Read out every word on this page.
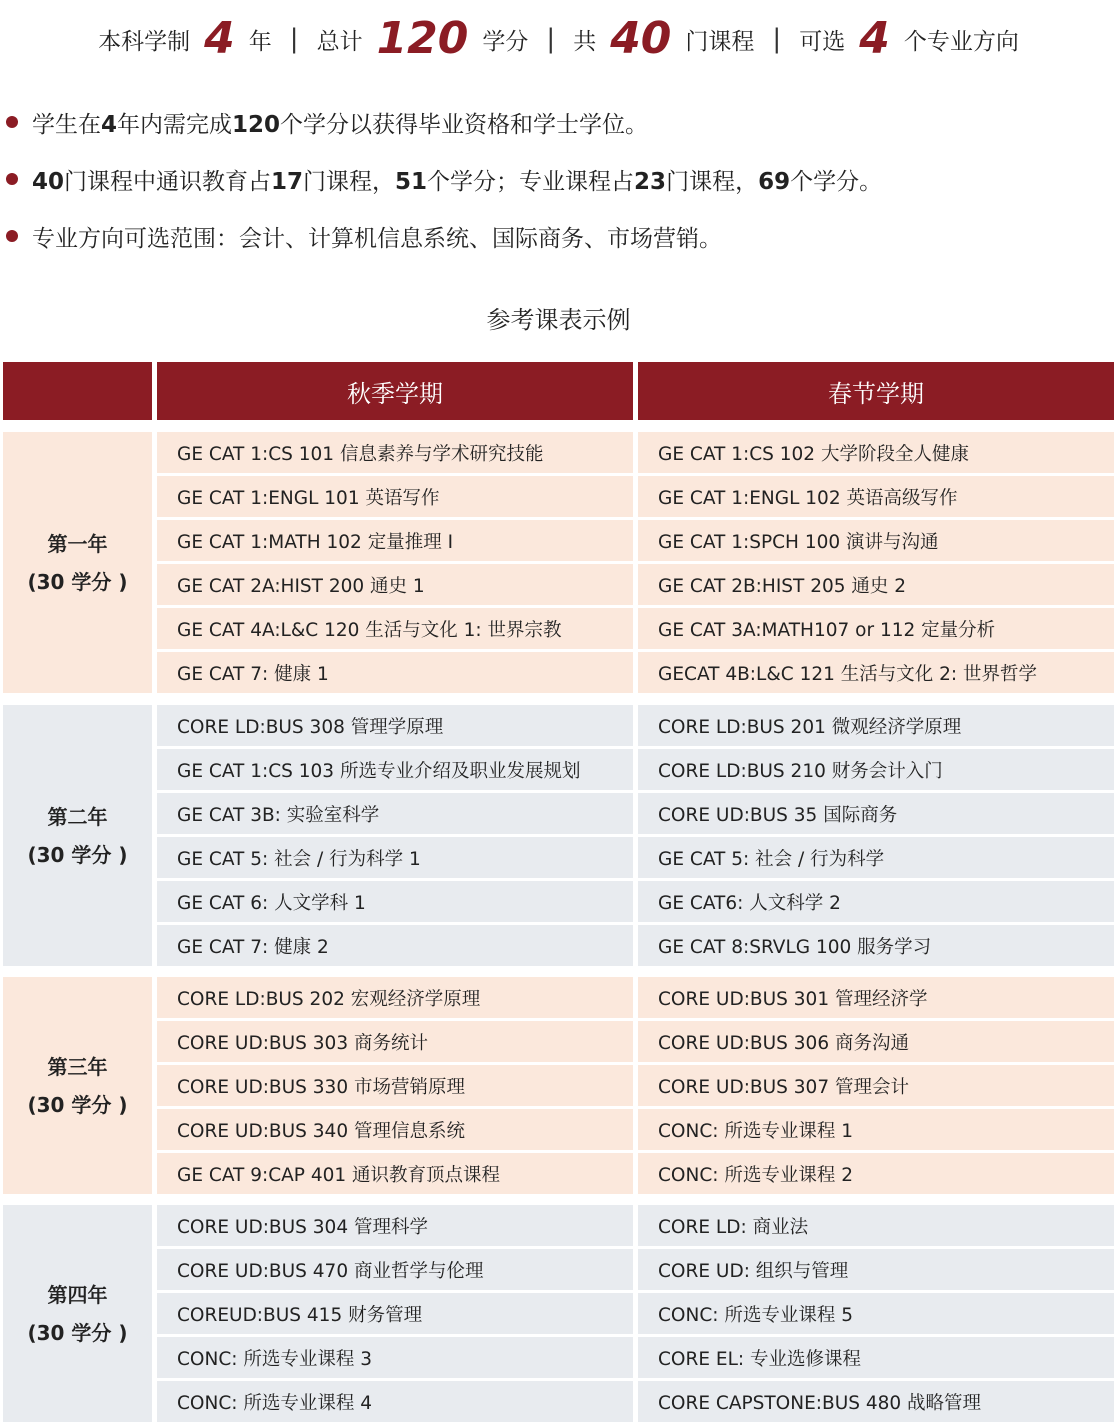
本科学制 4 年 | 总计 120 学分 | 共 40 门课程 | 可选 4 个专业方向
学生在4年内需完成120个学分以获得毕业资格和学士学位。
40门课程中通识教育占17门课程，51个学分；专业课程占23门课程，69个学分。
专业方向可选范围：会计、计算机信息系统、国际商务、市场营销。
参考课表示例
秋季学期	春节学期
第一年
(30 学分 )
GE CAT 1:CS 101 信息素养与学术研究技能
GE CAT 1:ENGL 101 英语写作
GE CAT 1:MATH 102 定量推理 I
GE CAT 2A:HIST 200 通史 1
GE CAT 4A:L&C 120 生活与文化 1: 世界宗教
GE CAT 7: 健康 1
GE CAT 1:CS 102 大学阶段全人健康
GE CAT 1:ENGL 102 英语高级写作
GE CAT 1:SPCH 100 演讲与沟通
GE CAT 2B:HIST 205 通史 2
GE CAT 3A:MATH107 or 112 定量分析
GECAT 4B:L&C 121 生活与文化 2: 世界哲学
第二年
(30 学分 )
CORE LD:BUS 308 管理学原理
GE CAT 1:CS 103 所选专业介绍及职业发展规划
GE CAT 3B: 实验室科学
GE CAT 5: 社会 / 行为科学 1
GE CAT 6: 人文学科 1
GE CAT 7: 健康 2
CORE LD:BUS 201 微观经济学原理
CORE LD:BUS 210 财务会计入门
CORE UD:BUS 35 国际商务
GE CAT 5: 社会 / 行为科学
GE CAT6: 人文科学 2
GE CAT 8:SRVLG 100 服务学习
第三年
(30 学分 )
CORE LD:BUS 202 宏观经济学原理
CORE UD:BUS 303 商务统计
CORE UD:BUS 330 市场营销原理
CORE UD:BUS 340 管理信息系统
GE CAT 9:CAP 401 通识教育顶点课程
CORE UD:BUS 301 管理经济学
CORE UD:BUS 306 商务沟通
CORE UD:BUS 307 管理会计
CONC: 所选专业课程 1
CONC: 所选专业课程 2
第四年
(30 学分 )
CORE UD:BUS 304 管理科学
CORE UD:BUS 470 商业哲学与伦理
COREUD:BUS 415 财务管理
CONC: 所选专业课程 3
CONC: 所选专业课程 4
CORE LD: 商业法
CORE UD: 组织与管理
CONC: 所选专业课程 5
CORE EL: 专业选修课程
CORE CAPSTONE:BUS 480 战略管理
